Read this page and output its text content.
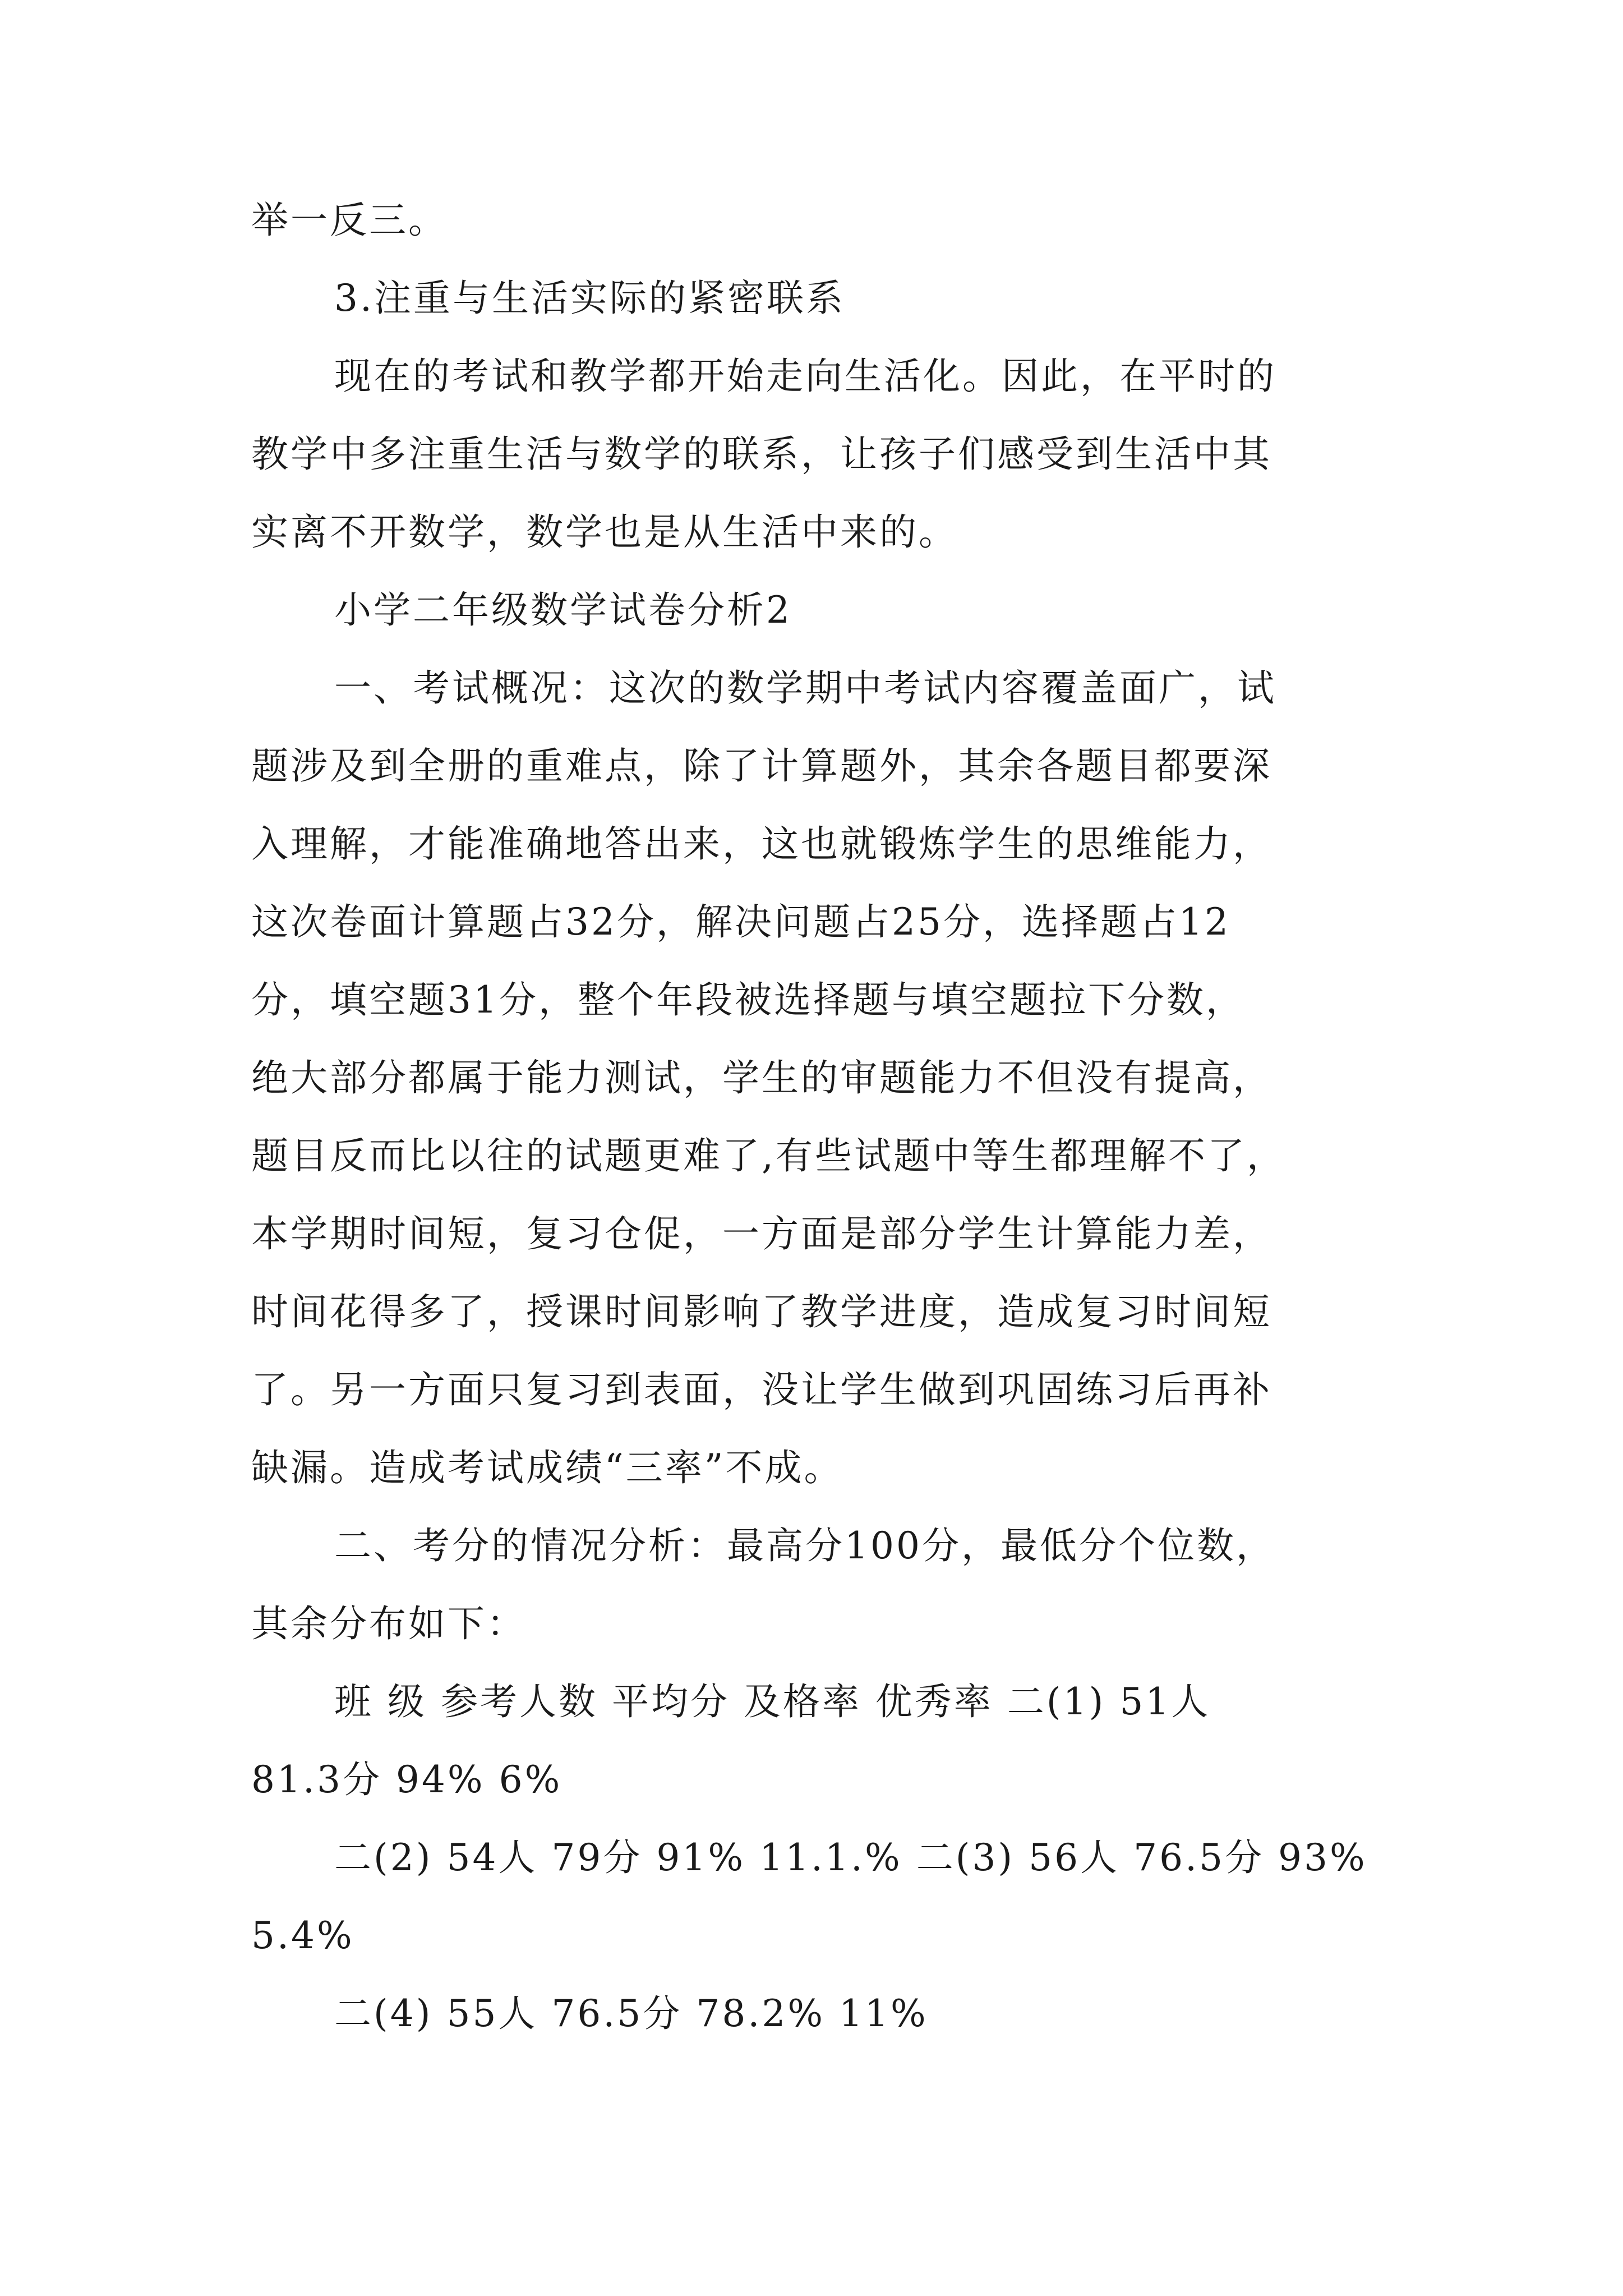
举一反三。
3.注重与生活实际的紧密联系
现在的考试和教学都开始走向生活化。因此，在平时的
教学中多注重生活与数学的联系，让孩子们感受到生活中其
实离不开数学，数学也是从生活中来的。
小学二年级数学试卷分析2
一、考试概况：这次的数学期中考试内容覆盖面广，试
题涉及到全册的重难点，除了计算题外，其余各题目都要深
入理解，才能准确地答出来，这也就锻炼学生的思维能力，
这次卷面计算题占32分，解决问题占25分，选择题占12
分，填空题31分，整个年段被选择题与填空题拉下分数，
绝大部分都属于能力测试，学生的审题能力不但没有提高，
题目反而比以往的试题更难了,有些试题中等生都理解不了，
本学期时间短，复习仓促，一方面是部分学生计算能力差，
时间花得多了，授课时间影响了教学进度，造成复习时间短
了。另一方面只复习到表面，没让学生做到巩固练习后再补
缺漏。造成考试成绩“三率”不成。
二、考分的情况分析：最高分100分，最低分个位数，
其余分布如下：
班 级 参考人数 平均分 及格率 优秀率 二(1) 51人
81.3分 94% 6%
二(2) 54人 79分 91% 11.1.% 二(3) 56人 76.5分 93%
5.4%
二(4) 55人 76.5分 78.2% 11%
